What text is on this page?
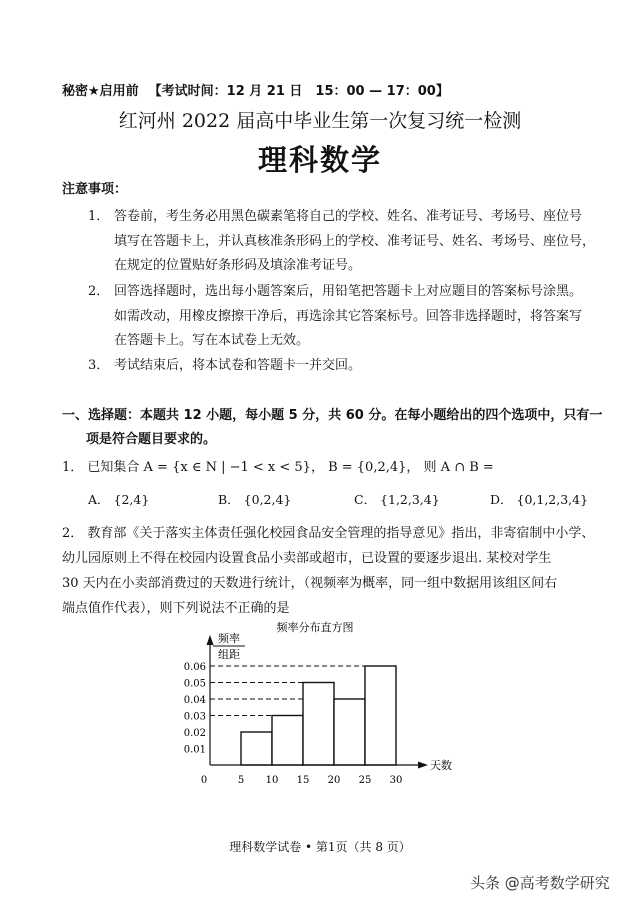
秘密★启用前 【考试时间：12 月 21 日　15：00 — 17：00】
红河州 2022 届高中毕业生第一次复习统一检测
理科数学
注意事项：
1． 答卷前，考生务必用黑色碳素笔将自己的学校、姓名、准考证号、考场号、座位号
填写在答题卡上，并认真核准条形码上的学校、准考证号、姓名、考场号、座位号，
在规定的位置贴好条形码及填涂准考证号。
2． 回答选择题时，选出每小题答案后，用铅笔把答题卡上对应题目的答案标号涂黑。
如需改动，用橡皮擦擦干净后，再选涂其它答案标号。回答非选择题时，将答案写
在答题卡上。写在本试卷上无效。
3． 考试结束后，将本试卷和答题卡一并交回。
一、选择题：本题共 12 小题，每小题 5 分，共 60 分。在每小题给出的四个选项中，只有一
项是符合题目要求的。
1． 已知集合 A = {x ∈ N | −1 < x < 5}， B = {0,2,4}， 则 A ∩ B =
A． {2,4}	B． {0,2,4}	C． {1,2,3,4}	D． {0,1,2,3,4}
2． 教育部《关于落实主体责任强化校园食品安全管理的指导意见》指出，非寄宿制中小学、
幼儿园原则上不得在校园内设置食品小卖部或超市，已设置的要逐步退出. 某校对学生
30 天内在小卖部消费过的天数进行统计，（视频率为概率，同一组中数据用该组区间右
端点值作代表），则下列说法不正确的是
频率分布直方图
频率
组距
天数
0.01
0.02
0.03
0.04
0.05
0.06
0	5 10 15 20 25 30
理科数学试卷 • 第1页（共 8 页）
头条 @高考数学研究
